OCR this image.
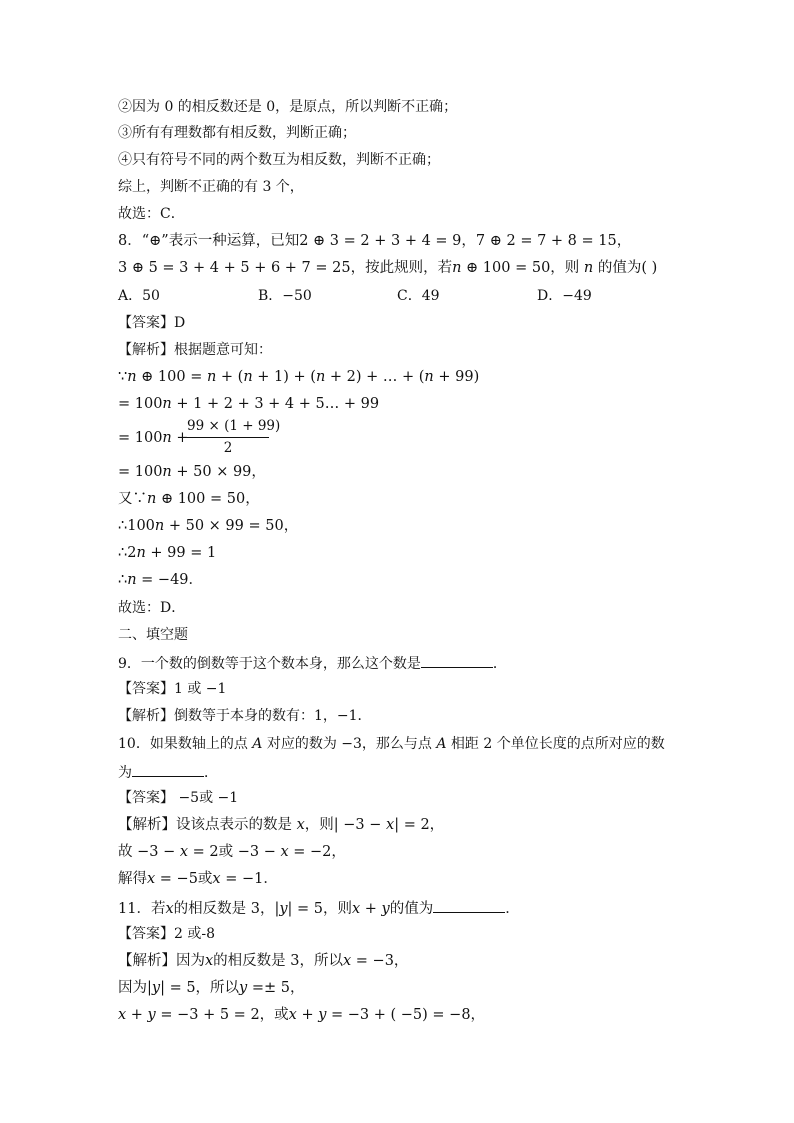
②因为 0 的相反数还是 0，是原点，所以判断不正确；
③所有有理数都有相反数，判断正确；
④只有符号不同的两个数互为相反数，判断不正确；
综上，判断不正确的有 3 个，
故选：C．
8．“⊕”表示一种运算，已知2 ⊕ 3 = 2 + 3 + 4 = 9，7 ⊕ 2 = 7 + 8 = 15，
3 ⊕ 5 = 3 + 4 + 5 + 6 + 7 = 25，按此规则，若𝑛 ⊕ 100 = 50，则 𝑛 的值为( )
A．50	B．−50	C．49	D．−49
【答案】D
【解析】根据题意可知：
∵𝑛 ⊕ 100 = 𝑛 + (𝑛 + 1) + (𝑛 + 2) + … + (𝑛 + 99)
= 100𝑛 + 1 + 2 + 3 + 4 + 5… + 99
= 100𝑛 +
99 × (1 + 99)
2
= 100𝑛 + 50 × 99，
又∵𝑛 ⊕ 100 = 50，
∴100𝑛 + 50 × 99 = 50，
∴2𝑛 + 99 = 1
∴𝑛 = −49．
故选：D．
二、填空题
9．一个数的倒数等于这个数本身，那么这个数是	．
【答案】1 或 −1
【解析】倒数等于本身的数有：1，−1．
10．如果数轴上的点 𝐴 对应的数为 −3，那么与点 𝐴 相距 2 个单位长度的点所对应的数
为	．
【答案】 −5或 −1
【解析】设该点表示的数是 𝑥，则| −3 − 𝑥| = 2，
故 −3 − 𝑥 = 2或 −3 − 𝑥 = −2，
解得𝑥 = −5或𝑥 = −1．
11．若𝑥的相反数是 3，|𝑦| = 5，则𝑥 + 𝑦的值为	．
【答案】2 或-8
【解析】因为𝑥的相反数是 3，所以𝑥 = −3，
因为|𝑦| = 5，所以𝑦 =± 5，
𝑥 + 𝑦 = −3 + 5 = 2，或𝑥 + 𝑦 = −3 + ( −5) = −8，
